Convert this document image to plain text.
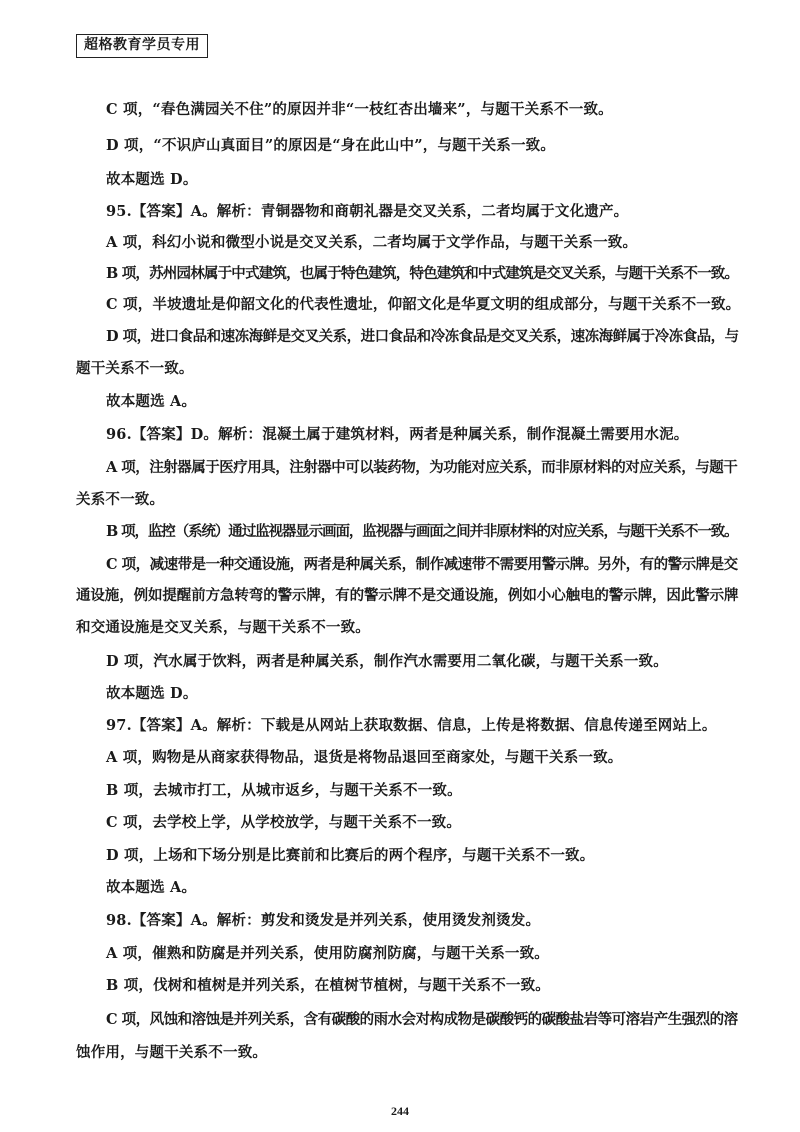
超格教育学员专用
C 项，“春色满园关不住”的原因并非“一枝红杏出墙来”，与题干关系不一致。
D 项，“不识庐山真面目”的原因是“身在此山中”，与题干关系一致。
故本题选 D。
95.【答案】A。解析：青铜器物和商朝礼器是交叉关系，二者均属于文化遗产。
A 项，科幻小说和微型小说是交叉关系，二者均属于文学作品，与题干关系一致。
B 项，苏州园林属于中式建筑，也属于特色建筑，特色建筑和中式建筑是交叉关系，与题干关系不一致。
C 项，半坡遗址是仰韶文化的代表性遗址，仰韶文化是华夏文明的组成部分，与题干关系不一致。
D 项，进口食品和速冻海鲜是交叉关系，进口食品和冷冻食品是交叉关系，速冻海鲜属于冷冻食品，与
题干关系不一致。
故本题选 A。
96.【答案】D。解析：混凝土属于建筑材料，两者是种属关系，制作混凝土需要用水泥。
A 项，注射器属于医疗用具，注射器中可以装药物，为功能对应关系，而非原材料的对应关系，与题干
关系不一致。
B 项，监控（系统）通过监视器显示画面，监视器与画面之间并非原材料的对应关系，与题干关系不一致。
C 项，减速带是一种交通设施，两者是种属关系，制作减速带不需要用警示牌。另外，有的警示牌是交
通设施，例如提醒前方急转弯的警示牌，有的警示牌不是交通设施，例如小心触电的警示牌，因此警示牌
和交通设施是交叉关系，与题干关系不一致。
D 项，汽水属于饮料，两者是种属关系，制作汽水需要用二氧化碳，与题干关系一致。
故本题选 D。
97.【答案】A。解析：下载是从网站上获取数据、信息，上传是将数据、信息传递至网站上。
A 项，购物是从商家获得物品，退货是将物品退回至商家处，与题干关系一致。
B 项，去城市打工，从城市返乡，与题干关系不一致。
C 项，去学校上学，从学校放学，与题干关系不一致。
D 项，上场和下场分别是比赛前和比赛后的两个程序，与题干关系不一致。
故本题选 A。
98.【答案】A。解析：剪发和烫发是并列关系，使用烫发剂烫发。
A 项，催熟和防腐是并列关系，使用防腐剂防腐，与题干关系一致。
B 项，伐树和植树是并列关系，在植树节植树，与题干关系不一致。
C 项，风蚀和溶蚀是并列关系，含有碳酸的雨水会对构成物是碳酸钙的碳酸盐岩等可溶岩产生强烈的溶
蚀作用，与题干关系不一致。
244
